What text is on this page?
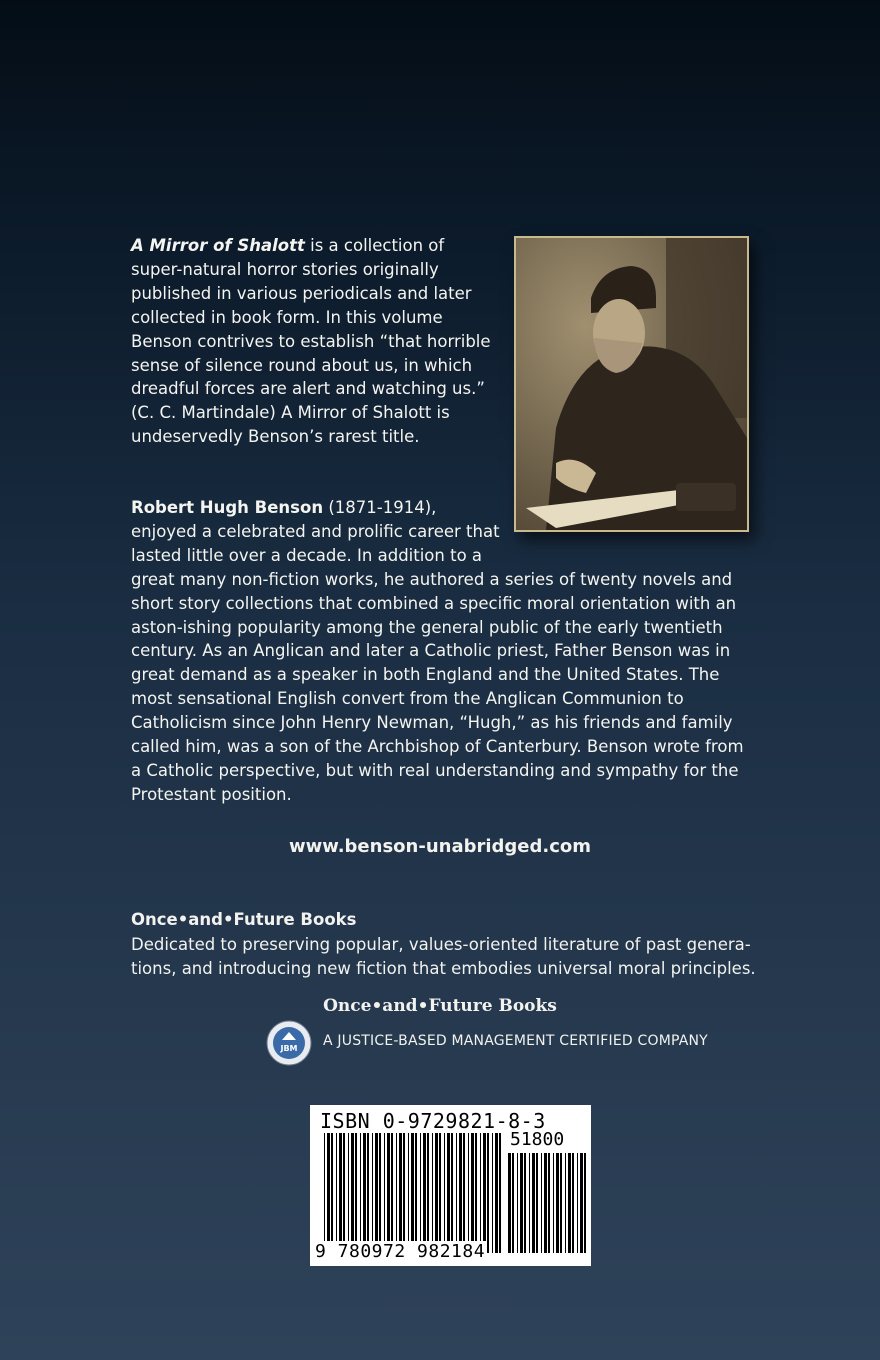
A Mirror of Shalott is a collection of super-natural horror stories originally published in various periodicals and later collected in book form. In this volume Benson contrives to establish “that horrible sense of silence round about us, in which dreadful forces are alert and watching us.” (C. C. Martindale) A Mirror of Shalott is undeservedly Benson’s rarest title.

Robert Hugh Benson (1871-1914), enjoyed a celebrated and prolific career that lasted little over a decade. In addition to a great many non-fiction works, he authored a series of twenty novels and short story collections that combined a specific moral orientation with an aston-ishing popularity among the general public of the early twentieth century. As an Anglican and later a Catholic priest, Father Benson was in great demand as a speaker in both England and the United States. The most sensational English convert from the Anglican Communion to Catholicism since John Henry Newman, “Hugh,” as his friends and family called him, was a son of the Archbishop of Canterbury. Benson wrote from a Catholic perspective, but with real understanding and sympathy for the Protestant position.

www.benson-unabridged.com
Once•and•Future Books
Dedicated to preserving popular, values-oriented literature of past genera-tions, and introducing new fiction that embodies universal moral principles.
Once•and•Future Books
JBM A JUSTICE-BASED MANAGEMENT CERTIFIED COMPANY
ISBN 0-9729821-8-3
51800
9 780972 982184
